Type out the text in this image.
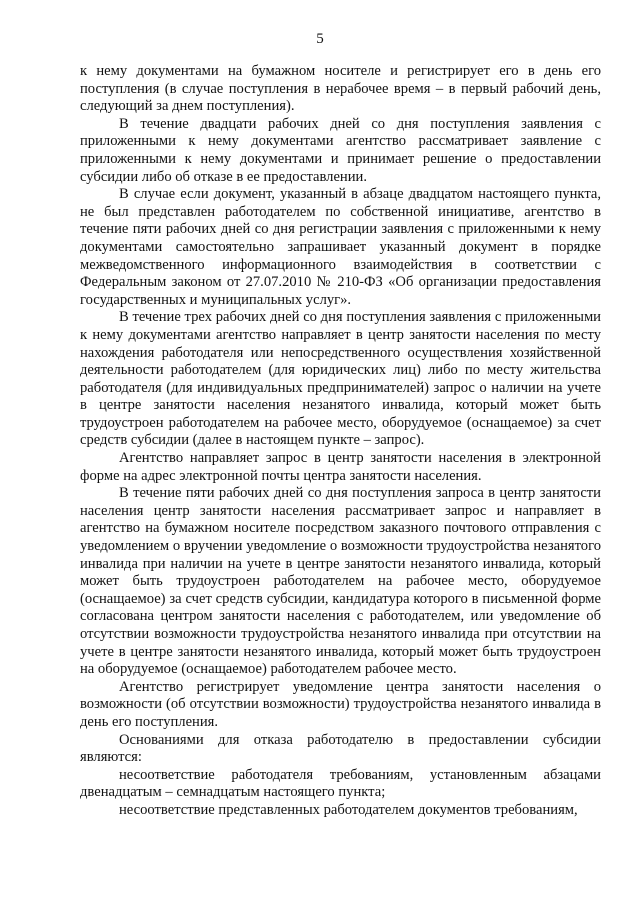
5

к нему документами на бумажном носителе и регистрирует его в день его поступления (в случае поступления в нерабочее время – в первый рабочий день, следующий за днем поступления).

В течение двадцати рабочих дней со дня поступления заявления с приложенными к нему документами агентство рассматривает заявление с приложенными к нему документами и принимает решение о предоставлении субсидии либо об отказе в ее предоставлении.

В случае если документ, указанный в абзаце двадцатом настоящего пункта, не был представлен работодателем по собственной инициативе, агентство в течение пяти рабочих дней со дня регистрации заявления с приложенными к нему документами самостоятельно запрашивает указанный документ в порядке межведомственного информационного взаимодействия в соответствии с Федеральным законом от 27.07.2010 № 210-ФЗ «Об организации предоставления государственных и муниципальных услуг».

В течение трех рабочих дней со дня поступления заявления с приложенными к нему документами агентство направляет в центр занятости населения по месту нахождения работодателя или непосредственного осуществления хозяйственной деятельности работодателем (для юридических лиц) либо по месту жительства работодателя (для индивидуальных предпринимателей) запрос о наличии на учете в центре занятости населения незанятого инвалида, который может быть трудоустроен работодателем на рабочее место, оборудуемое (оснащаемое) за счет средств субсидии (далее в настоящем пункте – запрос).

Агентство направляет запрос в центр занятости населения в электронной форме на адрес электронной почты центра занятости населения.

В течение пяти рабочих дней со дня поступления запроса в центр занятости населения центр занятости населения рассматривает запрос и направляет в агентство на бумажном носителе посредством заказного почтового отправления с уведомлением о вручении уведомление о возможности трудоустройства незанятого инвалида при наличии на учете в центре занятости незанятого инвалида, который может быть трудоустроен работодателем на рабочее место, оборудуемое (оснащаемое) за счет средств субсидии, кандидатура которого в письменной форме согласована центром занятости населения с работодателем, или уведомление об отсутствии возможности трудоустройства незанятого инвалида при отсутствии на учете в центре занятости незанятого инвалида, который может быть трудоустроен на оборудуемое (оснащаемое) работодателем рабочее место.

Агентство регистрирует уведомление центра занятости населения о возможности (об отсутствии возможности) трудоустройства незанятого инвалида в день его поступления.

Основаниями для отказа работодателю в предоставлении субсидии являются:

несоответствие работодателя требованиям, установленным абзацами двенадцатым – семнадцатым настоящего пункта;

несоответствие представленных работодателем документов требованиям,
